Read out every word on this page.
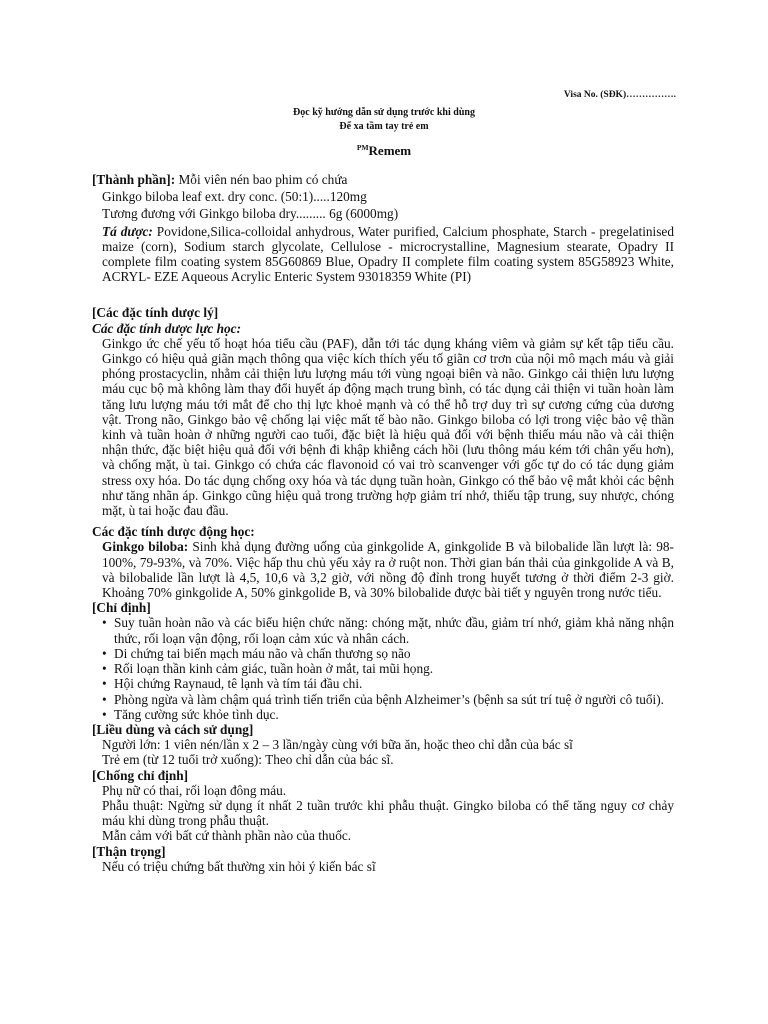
Visa No. (SĐK)…………….
Đọc kỹ hướng dẫn sử dụng trước khi dùng
Để xa tầm tay trẻ em
$^{PM}$Remem
[Thành phần]: Mỗi viên nén bao phim có chứa
Ginkgo biloba leaf ext. dry conc. (50:1).....120mg
Tương đương với Ginkgo biloba dry......... 6g (6000mg)
Tá dược: Povidone,Silica-colloidal anhydrous, Water purified, Calcium phosphate, Starch - pregelatinised maize (corn), Sodium starch glycolate, Cellulose - microcrystalline, Magnesium stearate, Opadry II complete film coating system 85G60869 Blue, Opadry II complete film coating system 85G58923 White, ACRYL- EZE Aqueous Acrylic Enteric System 93018359 White (PI)
[Các đặc tính dược lý]
Các đặc tính dược lực học:
Ginkgo ức chế yếu tố hoạt hóa tiểu cầu (PAF), dẫn tới tác dụng kháng viêm và giảm sự kết tập tiểu cầu. Ginkgo có hiệu quả giãn mạch thông qua việc kích thích yếu tố giãn cơ trơn của nội mô mạch máu và giải phóng prostacyclin, nhằm cải thiện lưu lượng máu tới vùng ngoại biên và não. Ginkgo cải thiện lưu lượng máu cục bộ mà không làm thay đổi huyết áp động mạch trung bình, có tác dụng cải thiện vi tuần hoàn làm tăng lưu lượng máu tới mắt để cho thị lực khoẻ mạnh và có thể hỗ trợ duy trì sự cương cứng của dương vật. Trong não, Ginkgo bảo vệ chống lại việc mất tế bào não. Ginkgo biloba có lợi trong việc bảo vệ thần kinh và tuần hoàn ở những người cao tuổi, đặc biệt là hiệu quả đối với bệnh thiếu máu não và cải thiện nhận thức, đặc biệt hiệu quả đối với bệnh đi khập khiễng cách hồi (lưu thông máu kém tới chân yếu hơn), và chống mặt, ù tai. Ginkgo có chứa các flavonoid có vai trò scanvenger với gốc tự do có tác dụng giảm stress oxy hóa. Do tác dụng chống oxy hóa và tác dụng tuần hoàn, Ginkgo có thể bảo vệ mắt khỏi các bệnh như tăng nhãn áp. Ginkgo cũng hiệu quả trong trường hợp giảm trí nhớ, thiếu tập trung, suy nhược, chóng mặt, ù tai hoặc đau đầu.
Các đặc tính dược động học:
Ginkgo biloba: Sinh khả dụng đường uống của ginkgolide A, ginkgolide B và bilobalide lần lượt là: 98-100%, 79-93%, và 70%. Việc hấp thu chủ yếu xảy ra ở ruột non. Thời gian bán thải của ginkgolide A và B, và bilobalide lần lượt là 4,5, 10,6 và 3,2 giờ, với nồng độ đỉnh trong huyết tương ở thời điểm 2-3 giờ. Khoảng 70% ginkgolide A, 50% ginkgolide B, và 30% bilobalide được bài tiết y nguyên trong nước tiểu.
[Chỉ định]
• Suy tuần hoàn não và các biểu hiện chức năng: chóng mặt, nhức đầu, giảm trí nhớ, giảm khả năng nhận thức, rối loạn vận động, rối loạn cảm xúc và nhân cách.
• Di chứng tai biến mạch máu não và chấn thương sọ não
• Rối loạn thần kinh cảm giác, tuần hoàn ở mắt, tai mũi họng.
• Hội chứng Raynaud, tê lạnh và tím tái đầu chi.
• Phòng ngừa và làm chậm quá trình tiến triển của bệnh Alzheimer’s (bệnh sa sút trí tuệ ở người cô tuổi).
• Tăng cường sức khỏe tình dục.
[Liều dùng và cách sử dụng]
Người lớn: 1 viên nén/lần x 2 – 3 lần/ngày cùng với bữa ăn, hoặc theo chỉ dẫn của bác sĩ
Trẻ em (từ 12 tuổi trở xuống): Theo chỉ dẫn của bác sĩ.
[Chống chỉ định]
Phụ nữ có thai, rối loạn đông máu.
Phẫu thuật: Ngừng sử dụng ít nhất 2 tuần trước khi phẫu thuật. Gingko biloba có thể tăng nguy cơ chảy máu khi dùng trong phẫu thuật.
Mẫn cảm với bất cứ thành phần nào của thuốc.
[Thận trọng]
Nếu có triệu chứng bất thường xin hỏi ý kiến bác sĩ
